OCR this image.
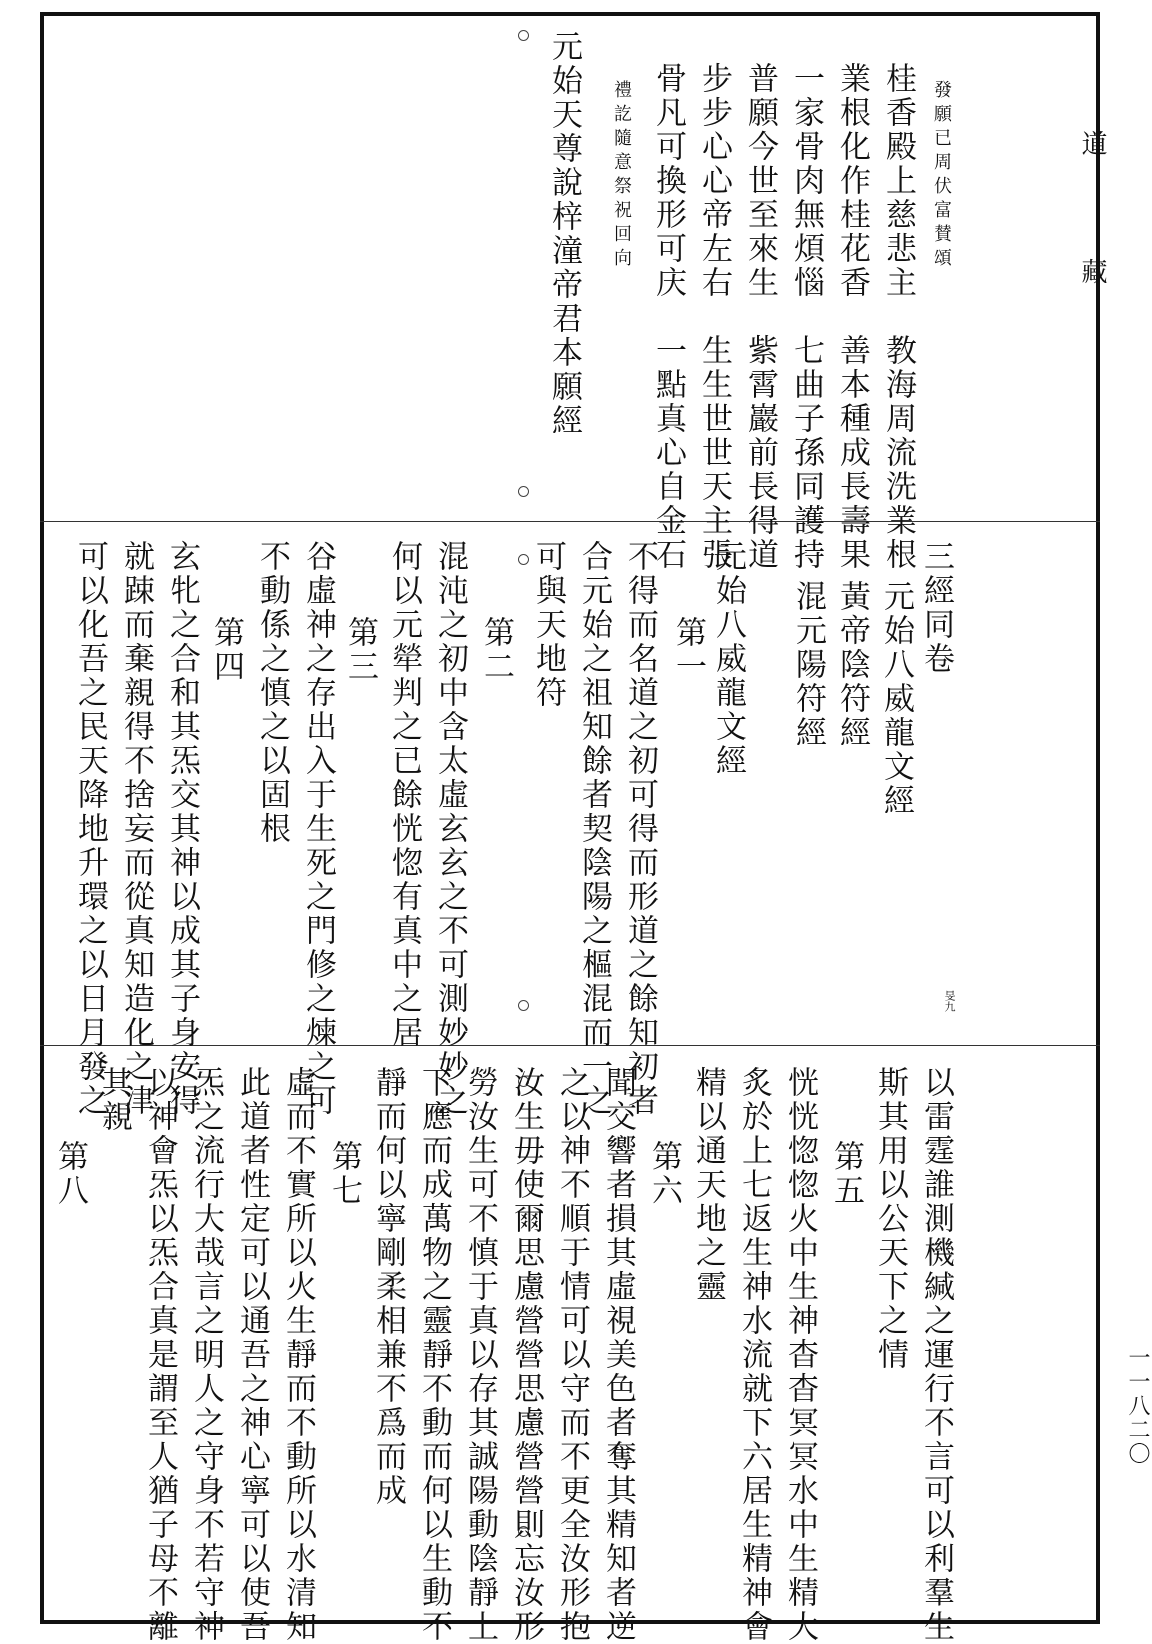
道
藏
一一八二〇
發願已周伏富賛頌
桂香殿上慈悲主　教海周流洗業根
業根化作桂花香　善本種成長壽果
一家骨肉無煩惱　七曲子孫同護持
普願今世至來生　紫霄巖前長得道
步步心心帝左右　生生世世天主張
骨凡可換形可庆　一點真心自金石
禮訖隨意祭祝回向
元始天尊說梓潼帝君本願經
三經同卷
元始八威龍文經
黃帝陰符經
混元陽符經
元始八威龍文經
第一
不得而名道之初可得而形道之餘知初者
合元始之祖知餘者契陰陽之樞混而一之
可與天地符
第二
混沌之初中含太虛玄玄之不可測妙妙之
何以元犖判之已餘恍惚有真中之居
第三
谷虛神之存出入于生死之門修之煉之可
不動係之慎之以固根
第四
玄牝之合和其炁交其神以成其子身安得
就踈而棄親得不捨妄而從真知造化之津
可以化吾之民天降地升環之以日月發之	旻九
以雷霆誰測機緘之運行不言可以利羣生
斯其用以公天下之情
第五
恍恍惚惚火中生神杳杳冥冥水中生精大
炙於上七返生神水流就下六居生精神會
精以通天地之靈
第六
聞交響者損其虛視美色者奪其精知者逆
之以神不順于情可以守而不更全汝形抱
汝生毋使爾思慮營營思慮營營則忘汝形
勞汝生可不慎于真以存其誠陽動陰靜上
下應而成萬物之靈靜不動而何以生動不
靜而何以寧剛柔相兼不爲而成
第七
虛而不實所以火生靜而不動所以水清知
此道者性定可以通吾之神心寧可以使吾
炁之流行大哉言之明人之守身不若守神
以神會炁以炁合真是謂至人猶子母不離
其親
第八
